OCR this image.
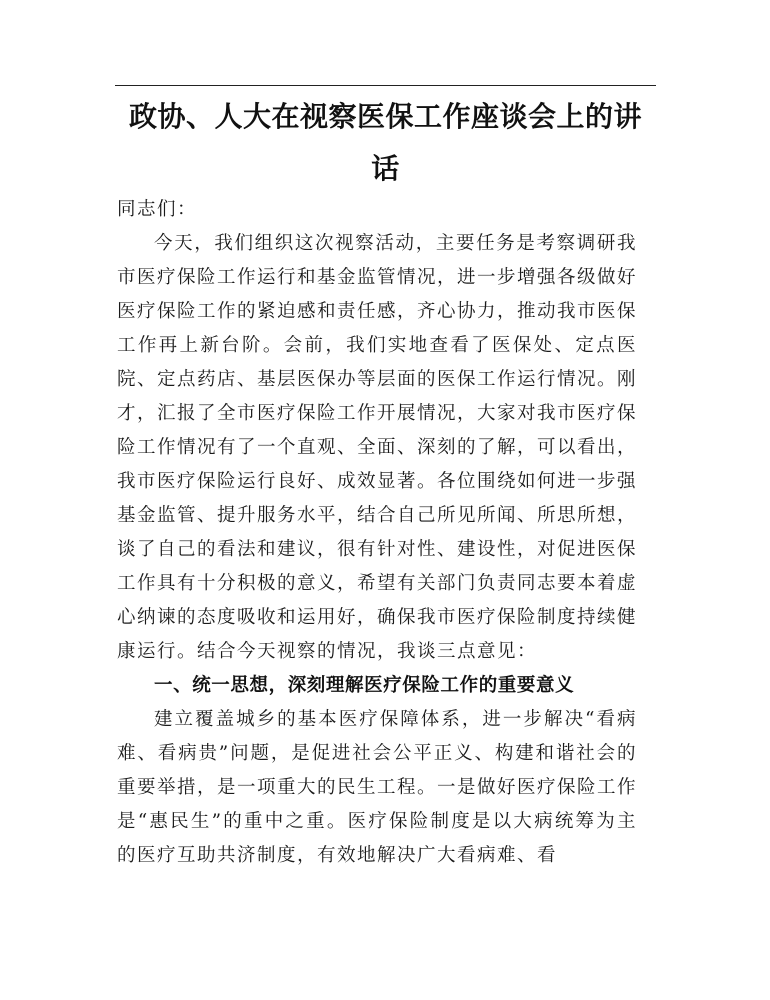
政协、人大在视察医保工作座谈会上的讲话

同志们：

今天，我们组织这次视察活动，主要任务是考察调研我市医疗保险工作运行和基金监管情况，进一步增强各级做好医疗保险工作的紧迫感和责任感，齐心协力，推动我市医保工作再上新台阶。会前，我们实地查看了医保处、定点医院、定点药店、基层医保办等层面的医保工作运行情况。刚才，汇报了全市医疗保险工作开展情况，大家对我市医疗保险工作情况有了一个直观、全面、深刻的了解，可以看出，我市医疗保险运行良好、成效显著。各位围绕如何进一步强基金监管、提升服务水平，结合自己所见所闻、所思所想，谈了自己的看法和建议，很有针对性、建设性，对促进医保工作具有十分积极的意义，希望有关部门负责同志要本着虚心纳谏的态度吸收和运用好，确保我市医疗保险制度持续健康运行。结合今天视察的情况，我谈三点意见：

一、统一思想，深刻理解医疗保险工作的重要意义

建立覆盖城乡的基本医疗保障体系，进一步解决“看病难、看病贵”问题，是促进社会公平正义、构建和谐社会的重要举措，是一项重大的民生工程。一是做好医疗保险工作是“惠民生”的重中之重。医疗保险制度是以大病统筹为主的医疗互助共济制度，有效地解决广大看病难、看
